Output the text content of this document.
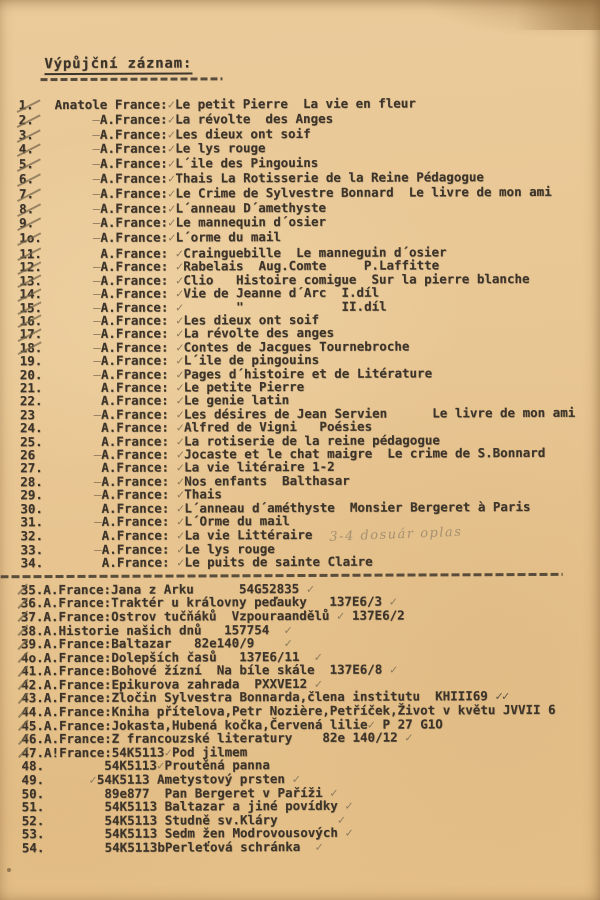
Výpůjční záznam:
1. Anatole France:✓Le petit Pierre  La vie en fleur
2.	–A.France:✓La révolte  des Anges
3.	–A.France:✓Les dieux ont soif
4.	–A.France:✓Le lys rouge
5.	–A.France:✓L´ile des Pingouins
6.	–A.France:✓Thais La Rotisserie de la Reine Pédagogue
7.	–A.France:✓Le Crime de Sylvestre Bonnard  Le livre de mon ami
8.	–A.France:✓L´anneau D´amethyste
9.	–A.France:✓Le mannequin d´osier
1o.	–A.France:✓L´orme du mail
11.      A.France: ✓Crainguebille  Le manneguin d´osier
12.	–A.France: ✓Rabelais  Aug.Comte     P.Laffitte
13.	–A.France: ✓Clio   Histoire comigue  Sur la pierre blanche
14.	–A.France: ✓Vie de Jeanne d´Arc  I.díl
15.	–A.France: ✓       "             II.díl
16.	–A.France: ✓Les dieux ont soif
17.	–A.France: ✓La révolte des anges
18.	–A.France: ✓Contes de Jacgues Tournebroche
19.	–A.France: ✓L´ile de pingouins
20.	–A.France: ✓Pages d´histoire et de Litérature
21.      A.France: ✓Le petite Pierre
22.      A.France: ✓Le genie latin
23	–A.France: ✓Les désires de Jean Servien      Le livre de mon ami
24.      A.France: ✓Alfred de Vigni   Poésies
25.      A.France: ✓La rotiserie de la reine pédagogue
26	–A.France: ✓Jocaste et le chat maigre  Le crime de S.Bonnard
27.      A.France: ✓La vie litéraire 1-2
28.	–A.France: ✓Nos enfants  Balthasar
29.	–A.France: ✓Thais
30.      A.France: ✓L´anneau d´améthyste  Monsier Bergeret à Paris
31.	–A.France: ✓L´Orme du mail
32.      A.France: ✓La vie Littéraire   3-4 dosuár oplas
33.	–A.France: ✓Le lys rouge
34.      A.France: ✓Le puits de sainte Claire
35.A.France:Jana z Arku      54G52835 ✓
36.A.France:Traktér u královny peďauky   137E6/3 ✓
37.A.France:Ostrov tučňáků  Vzpouraandělů ✓ 137E6/2
38.A.Historie našich dnů   157754  ✓
39.A.France:Baltazar   82e140/9    ✓
4o.A.France:Dolepších časů   137E6/11  ✓
41.A.France:Bohové žízní  Na bíle skále  137E6/8 ✓
42.A.France:Epikurova zahrada  PXXVE12 ✓
43.A.France:Zločin Sylvestra Bonnarda,člena institutu  KHIII69 ✓✓
44.A.France:Kniha přítelova,Petr Nozière,Petříček,Život v květu JVVII 6
45.A.France:Jokasta,Hubená kočka,Červená lilie✓ P 27 G1O
46.A.France:Z francouzské literatury    82e 140/12 ✓
47.A!France:54K5113✓Pod jilmem
48.        54K5113✓Proutěná panna
49.	✓54K5113 Ametystový prsten ✓
50.        89e877  Pan Bergeret v Paříži ✓
51.        54K5113 Baltazar a jiné povídky ✓
52.        54K5113 Studně sv.Kláry        ✓
53.        54K5113 Sedm žen Modrovousových ✓
54.        54K5113bPerleťová schránka  ✓
